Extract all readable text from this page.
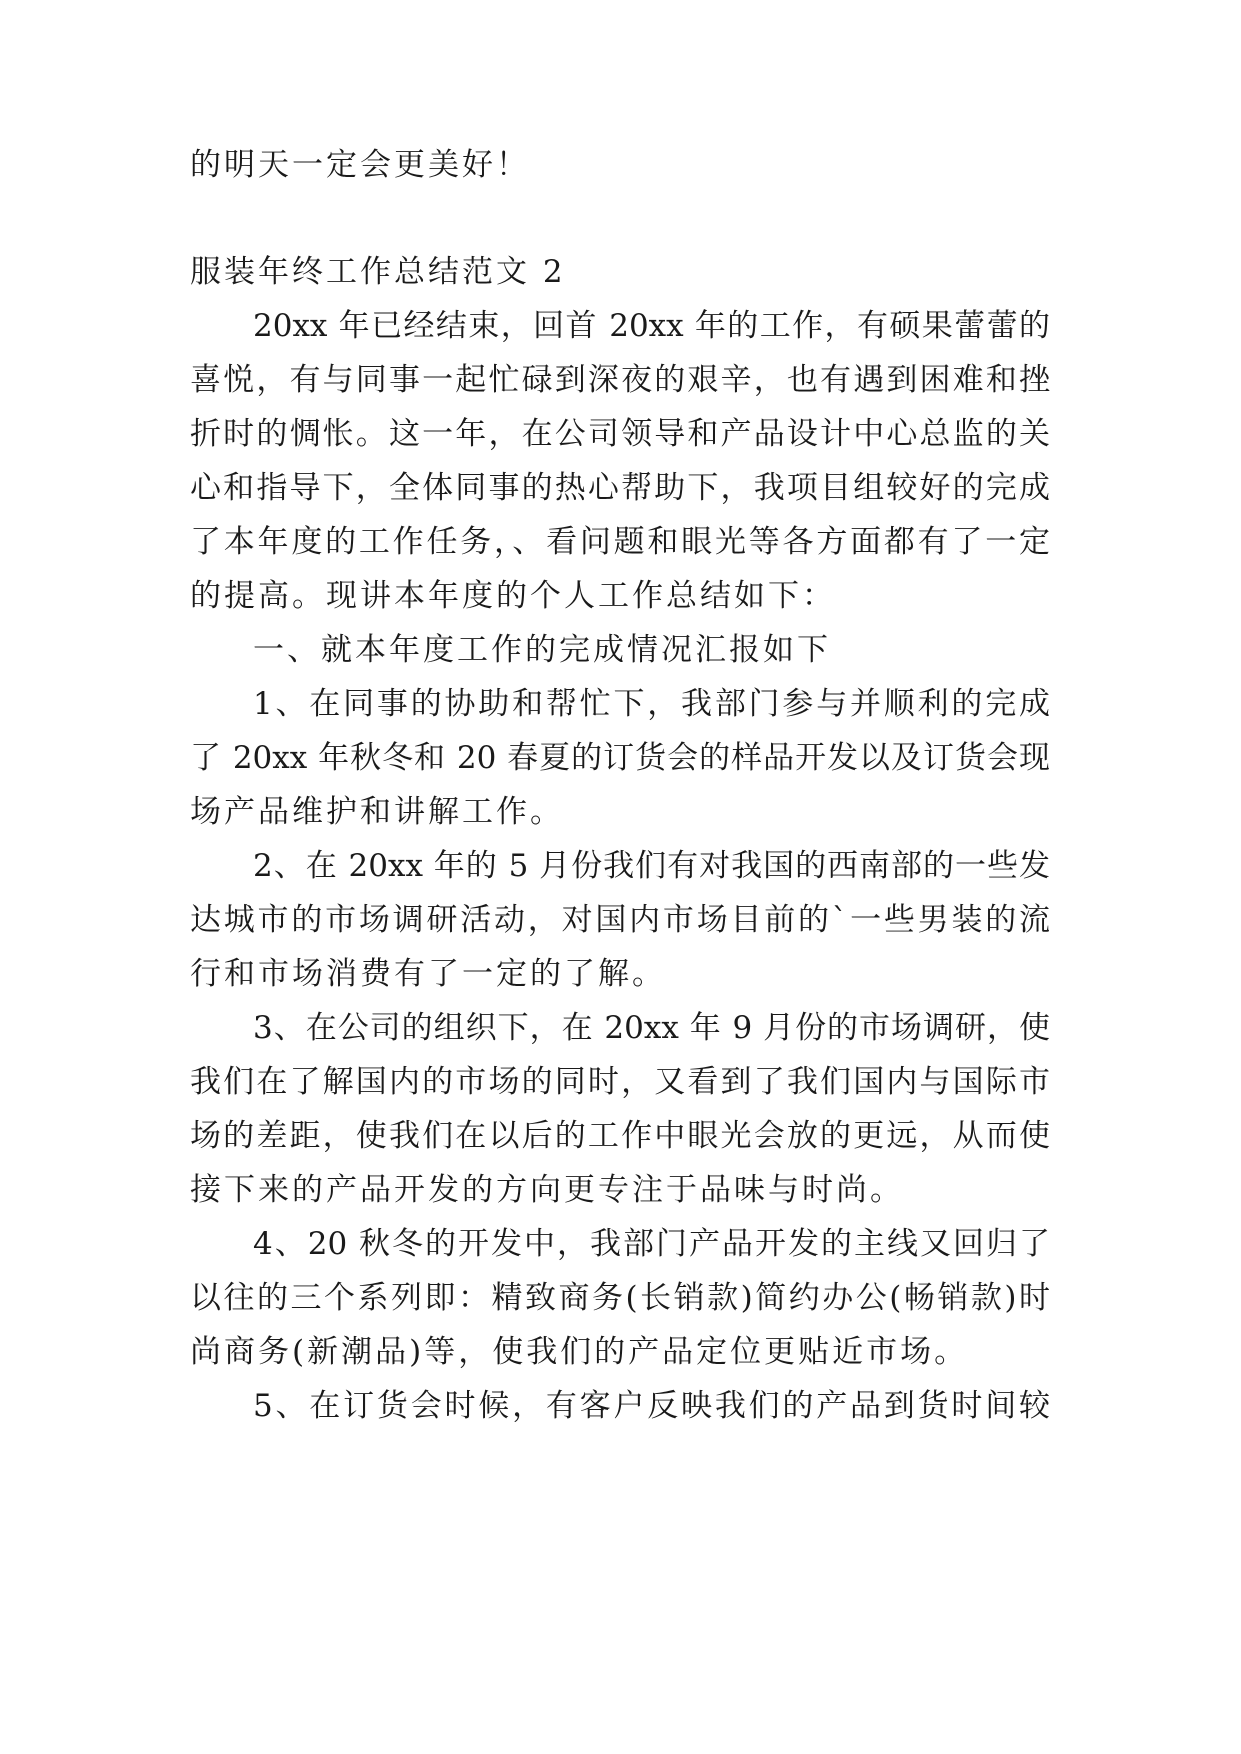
的明天一定会更美好！
服装年终工作总结范文 2
20xx 年已经结束，回首 20xx 年的工作，有硕果蕾蕾的
喜悦，有与同事一起忙碌到深夜的艰辛，也有遇到困难和挫
折时的惆怅。这一年，在公司领导和产品设计中心总监的关
心和指导下，全体同事的热心帮助下，我项目组较好的完成
了本年度的工作任务，、看问题和眼光等各方面都有了一定
的提高。现讲本年度的个人工作总结如下：
一、就本年度工作的完成情况汇报如下
1、在同事的协助和帮忙下，我部门参与并顺利的完成
了 20xx 年秋冬和 20 春夏的订货会的样品开发以及订货会现
场产品维护和讲解工作。
2、在 20xx 年的 5 月份我们有对我国的西南部的一些发
达城市的市场调研活动，对国内市场目前的`一些男装的流
行和市场消费有了一定的了解。
3、在公司的组织下，在 20xx 年 9 月份的市场调研，使
我们在了解国内的市场的同时，又看到了我们国内与国际市
场的差距，使我们在以后的工作中眼光会放的更远，从而使
接下来的产品开发的方向更专注于品味与时尚。
4、20 秋冬的开发中，我部门产品开发的主线又回归了
以往的三个系列即：精致商务(长销款)简约办公(畅销款)时
尚商务(新潮品)等，使我们的产品定位更贴近市场。
5、在订货会时候，有客户反映我们的产品到货时间较
